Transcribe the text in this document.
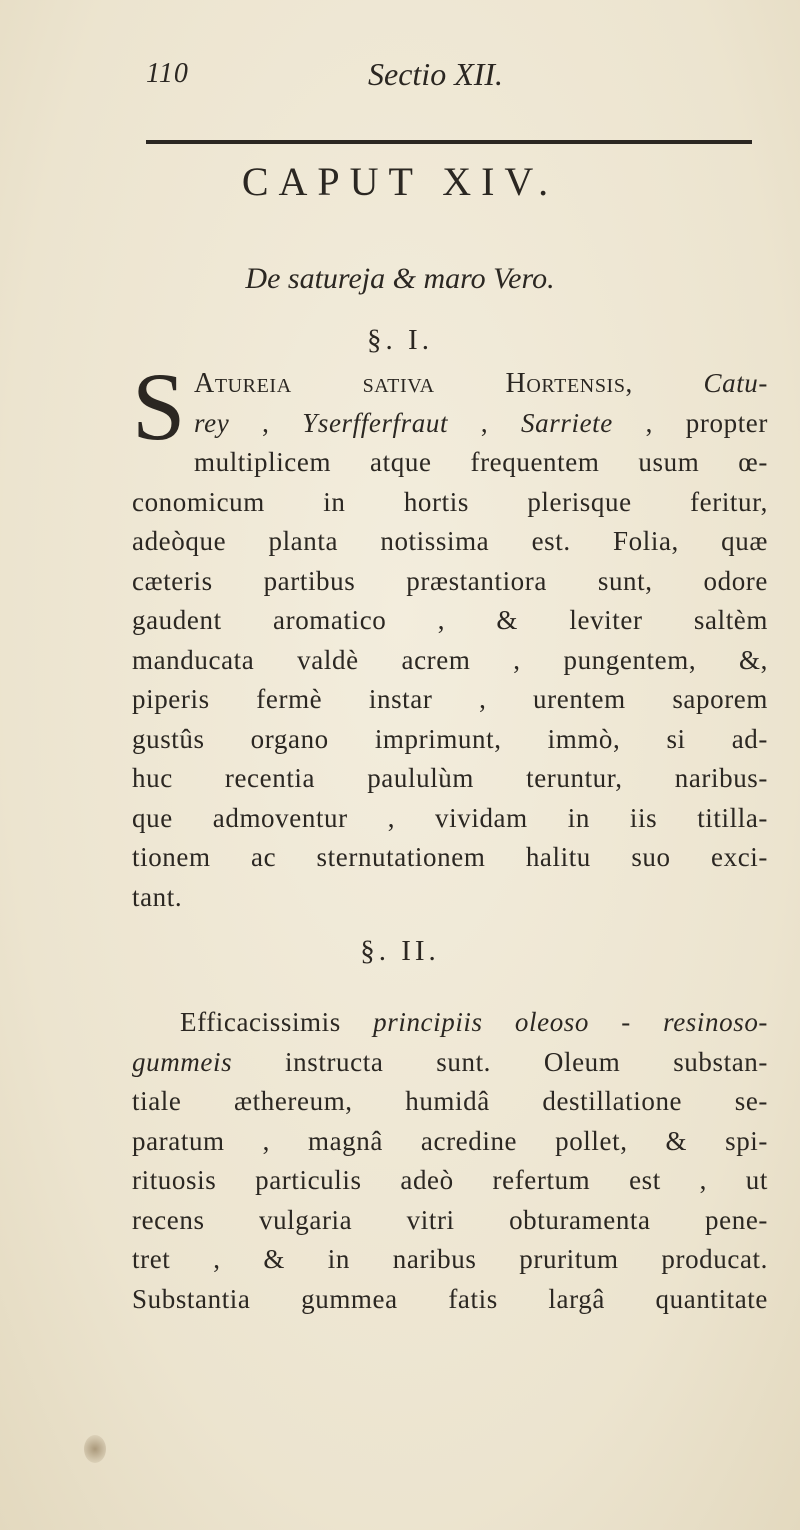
110	Sectio XII.
CAPUT XIV.
De satureja & maro Vero.
§. I.
S Atureia sativa Hortensis, Catu-
rey , Yserfferfraut , Sarriete , propter
multiplicem atque frequentem usum œ-
conomicum in hortis plerisque feritur,
adeòque planta notissima est. Folia, quæ
cæteris partibus præstantiora sunt, odore
gaudent aromatico , & leviter saltèm
manducata valdè acrem , pungentem, &,
piperis fermè instar , urentem saporem
gustûs organo imprimunt, immò, si ad-
huc recentia paululùm teruntur, naribus-
que admoventur , vividam in iis titilla-
tionem ac sternutationem halitu suo exci-
tant.
§. II.
Efficacissimis principiis oleoso - resinoso-
gummeis instructa sunt. Oleum substan-
tiale æthereum, humidâ destillatione se-
paratum , magnâ acredine pollet, & spi-
rituosis particulis adeò refertum est , ut
recens vulgaria vitri obturamenta pene-
tret , & in naribus pruritum producat.
Substantia gummea fatis largâ quantitate
